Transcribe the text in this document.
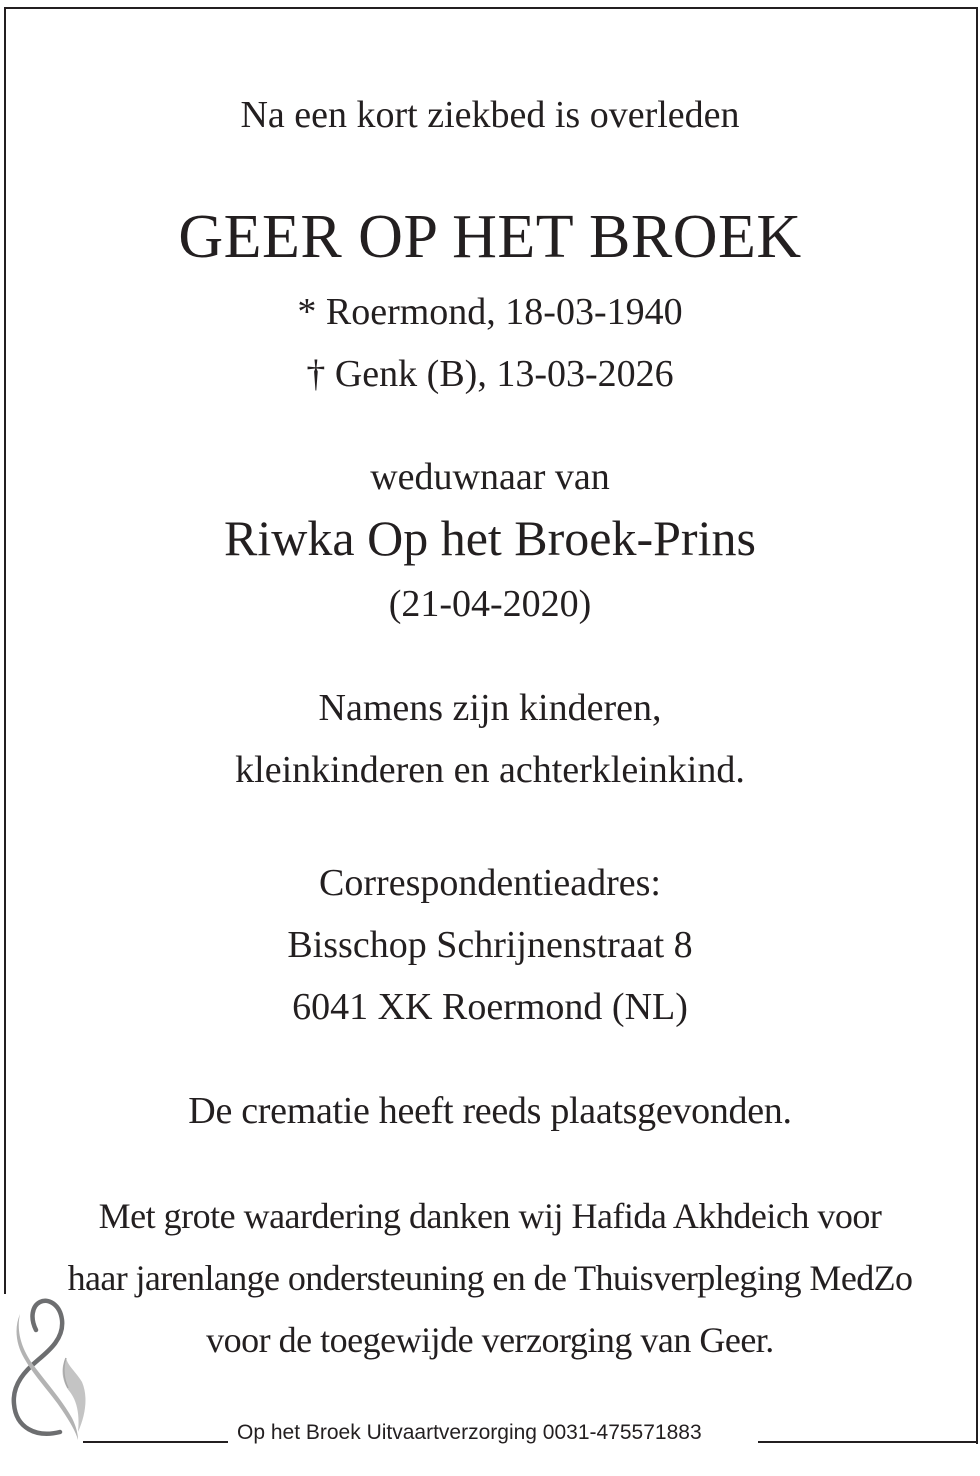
Na een kort ziekbed is overleden
GEER OP HET BROEK
* Roermond, 18-03-1940
† Genk (B), 13-03-2026
weduwnaar van
Riwka Op het Broek-Prins
(21-04-2020)
Namens zijn kinderen,
kleinkinderen en achterkleinkind.
Correspondentieadres:
Bisschop Schrijnenstraat 8
6041 XK Roermond (NL)
De crematie heeft reeds plaatsgevonden.
Met grote waardering danken wij Hafida Akhdeich voor
haar jarenlange ondersteuning en de Thuisverpleging MedZo
voor de toegewijde verzorging van Geer.
Op het Broek Uitvaartverzorging 0031-475571883
